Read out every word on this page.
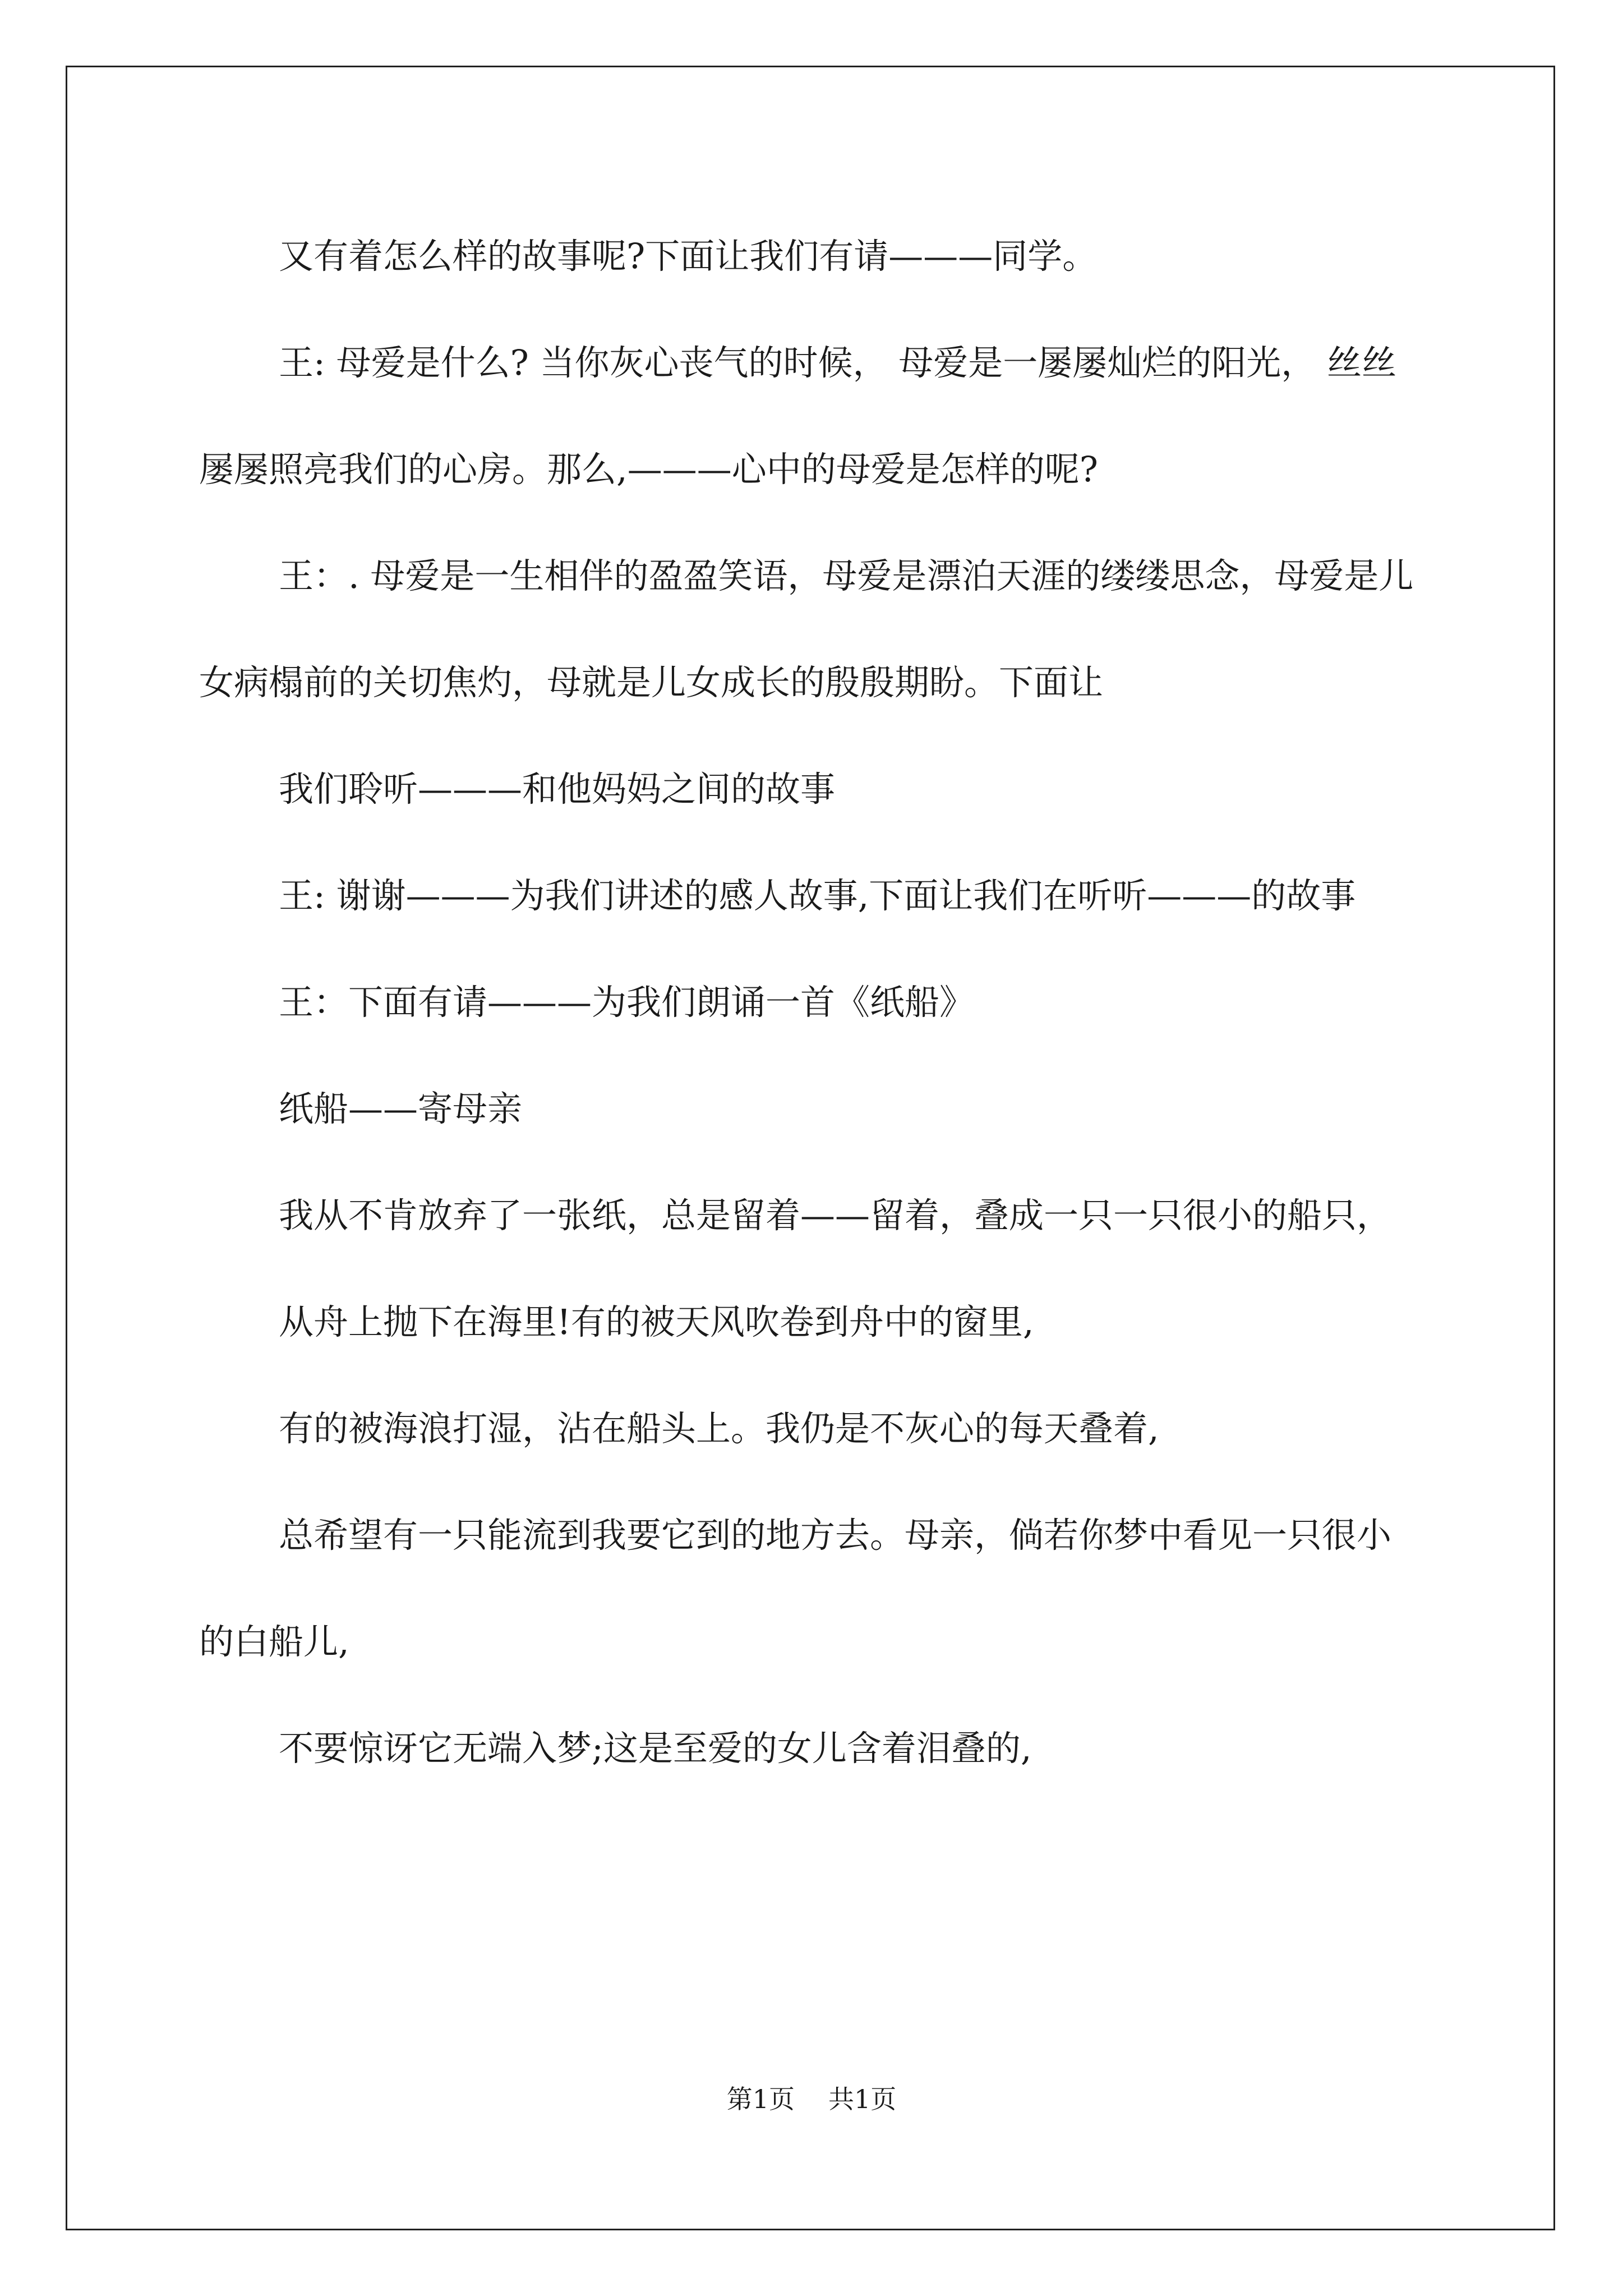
又有着怎么样的故事呢?下面让我们有请———同学。

王: 母爱是什么? 当你灰心丧气的时候， 母爱是一屡屡灿烂的阳光， 丝丝屡屡照亮我们的心房。那么,———心中的母爱是怎样的呢?

王：. 母爱是一生相伴的盈盈笑语，母爱是漂泊天涯的缕缕思念，母爱是儿女病榻前的关切焦灼，母就是儿女成长的殷殷期盼。下面让

我们聆听———和他妈妈之间的故事

王: 谢谢———为我们讲述的感人故事,下面让我们在听听———的故事

王：下面有请———为我们朗诵一首《纸船》

纸船——寄母亲

我从不肯放弃了一张纸，总是留着——留着，叠成一只一只很小的船只，

从舟上抛下在海里!有的被天风吹卷到舟中的窗里,

有的被海浪打湿，沾在船头上。我仍是不灰心的每天叠着,

总希望有一只能流到我要它到的地方去。母亲，倘若你梦中看见一只很小的白船儿,

不要惊讶它无端入梦;这是至爱的女儿含着泪叠的,

第1页 共1页
